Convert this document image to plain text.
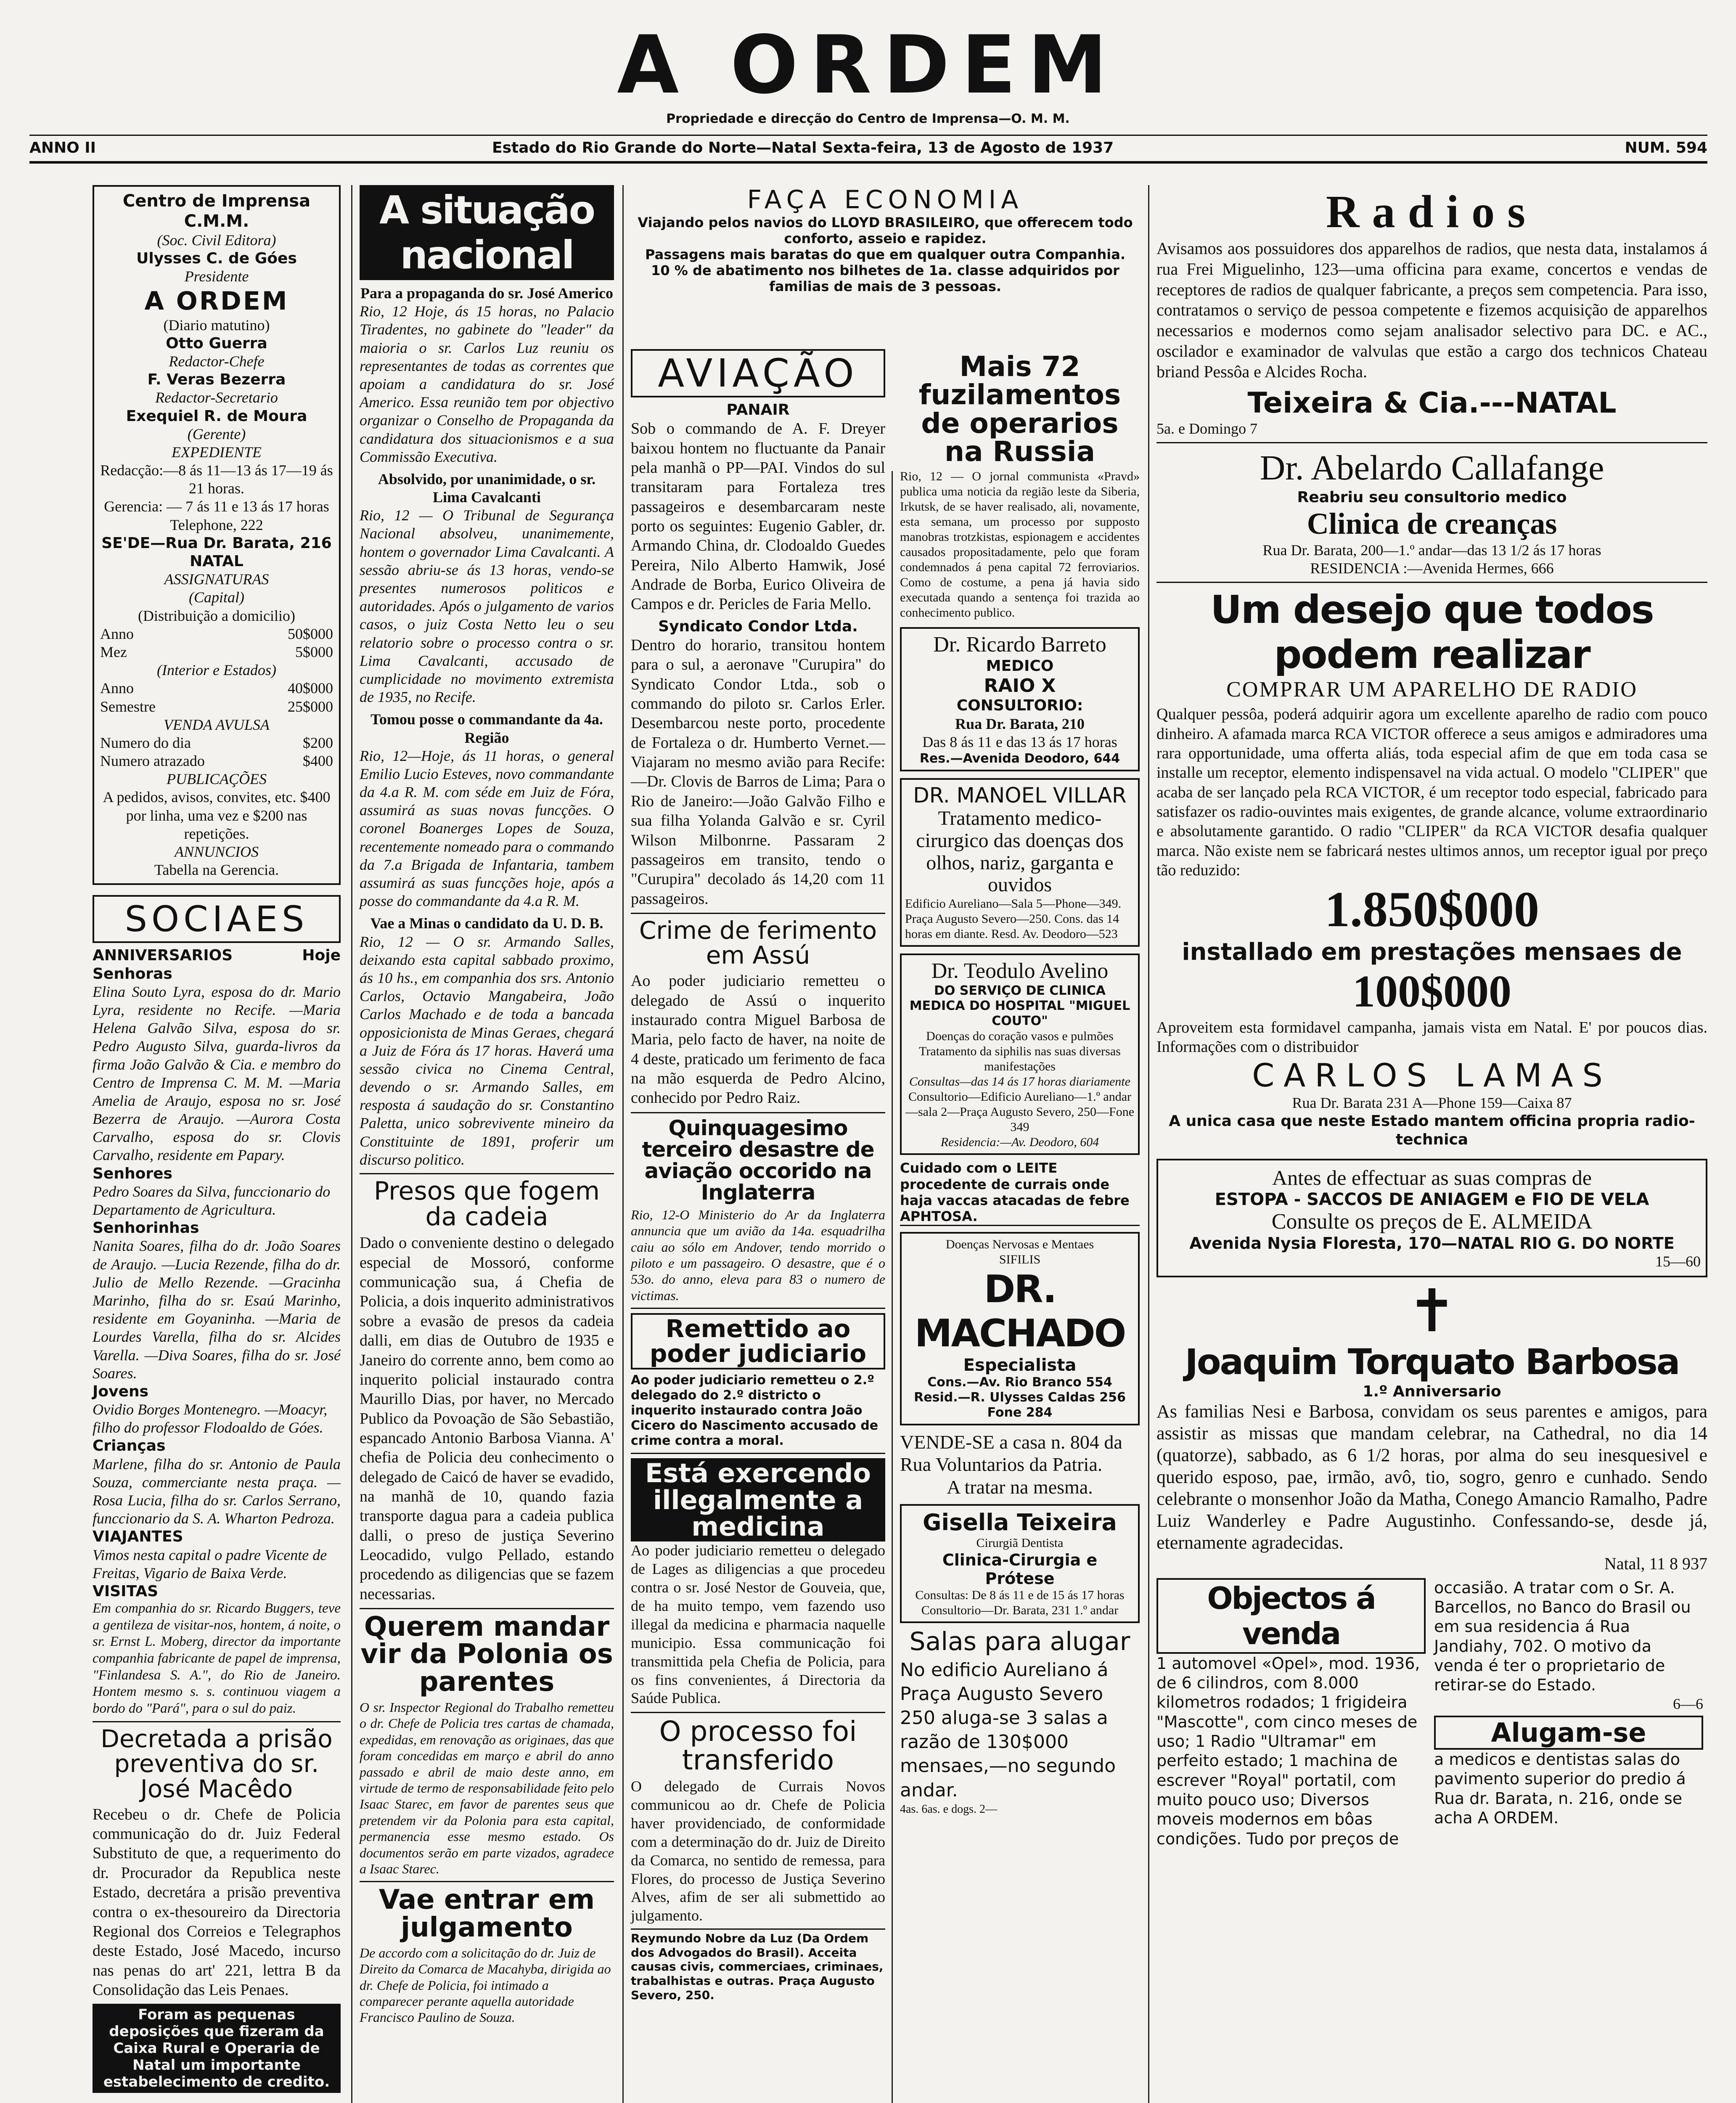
A ORDEM
Propriedade e direcção do Centro de Imprensa—O. M. M.
ANNO II	Estado do Rio Grande do Norte—Natal Sexta-feira, 13 de Agosto de 1937	NUM. 594
Centro de Imprensa C.M.M.
(Soc. Civil Editora)
Ulysses C. de Góes
Presidente
A ORDEM
(Diario matutino)
Otto Guerra
Redactor-Chefe
F. Veras Bezerra
Redactor-Secretario
Exequiel R. de Moura
(Gerente)
EXPEDIENTE
Redacção:—8 ás 11—13 ás 17—19 ás 21 horas.
Gerencia: — 7 ás 11 e 13 ás 17 horas
Telephone, 222
SE'DE—Rua Dr. Barata, 216
NATAL
ASSIGNATURAS
(Capital)
(Distribuição a domicilio)
Anno	50$000
Mez	5$000
(Interior e Estados)
Anno	40$000
Semestre	25$000
VENDA AVULSA
Numero do dia	$200
Numero atrazado	$400
PUBLICAÇÕES
A pedidos, avisos, convites, etc. $400 por linha, uma vez e $200 nas repetições.
ANNUNCIOS
Tabella na Gerencia.
SOCIAES
ANNIVERSARIOS	Hoje
Senhoras
Elina Souto Lyra, esposa do dr. Mario Lyra, residente no Recife. —Maria Helena Galvão Silva, esposa do sr. Pedro Augusto Silva, guarda-livros da firma João Galvão & Cia. e membro do Centro de Imprensa C. M. M. —Maria Amelia de Araujo, esposa no sr. José Bezerra de Araujo. —Aurora Costa Carvalho, esposa do sr. Clovis Carvalho, residente em Papary.
Senhores
Pedro Soares da Silva, funccionario do Departamento de Agricultura.
Senhorinhas
Nanita Soares, filha do dr. João Soares de Araujo. —Lucia Rezende, filha do dr. Julio de Mello Rezende. —Gracinha Marinho, filha do sr. Esaú Marinho, residente em Goyaninha. —Maria de Lourdes Varella, filha do sr. Alcides Varella. —Diva Soares, filha do sr. José Soares.
Jovens
Ovidio Borges Montenegro. —Moacyr, filho do professor Flodoaldo de Góes.
Crianças
Marlene, filha do sr. Antonio de Paula Souza, commerciante nesta praça. —Rosa Lucia, filha do sr. Carlos Serrano, funccionario da S. A. Wharton Pedroza.
VIAJANTES
Vimos nesta capital o padre Vicente de Freitas, Vigario de Baixa Verde.
VISITAS
Em companhia do sr. Ricardo Buggers, teve a gentileza de visitar-nos, hontem, á noite, o sr. Ernst L. Moberg, director da importante companhia fabricante de papel de imprensa, "Finlandesa S. A.", do Rio de Janeiro. Hontem mesmo s. s. continuou viagem a bordo do "Pará", para o sul do paiz.
Decretada a prisão preventiva do sr. José Macêdo
Recebeu o dr. Chefe de Policia communicação do dr. Juiz Federal Substituto de que, a requerimento do dr. Procurador da Republica neste Estado, decretára a prisão preventiva contra o ex-thesoureiro da Directoria Regional dos Correios e Telegraphos deste Estado, José Macedo, incurso nas penas do art' 221, lettra B da Consolidação das Leis Penaes.
Foram as pequenas deposições que fizeram da Caixa Rural e Operaria de Natal um importante estabelecimento de credito.
A situação nacional
Para a propaganda do sr. José Americo
Rio, 12 Hoje, ás 15 horas, no Palacio Tiradentes, no gabinete do "leader" da maioria o sr. Carlos Luz reuniu os representantes de todas as correntes que apoiam a candidatura do sr. José Americo. Essa reunião tem por objectivo organizar o Conselho de Propaganda da candidatura dos situacionismos e a sua Commissão Executiva.
Absolvido, por unanimidade, o sr. Lima Cavalcanti
Rio, 12 — O Tribunal de Segurança Nacional absolveu, unanimemente, hontem o governador Lima Cavalcanti. A sessão abriu-se ás 13 horas, vendo-se presentes numerosos politicos e autoridades. Após o julgamento de varios casos, o juiz Costa Netto leu o seu relatorio sobre o processo contra o sr. Lima Cavalcanti, accusado de cumplicidade no movimento extremista de 1935, no Recife.
Tomou posse o commandante da 4a. Região
Rio, 12—Hoje, ás 11 horas, o general Emilio Lucio Esteves, novo commandante da 4.a R. M. com séde em Juiz de Fóra, assumirá as suas novas funcções. O coronel Boanerges Lopes de Souza, recentemente nomeado para o commando da 7.a Brigada de Infantaria, tambem assumirá as suas funcções hoje, após a posse do commandante da 4.a R. M.
Vae a Minas o candidato da U. D. B.
Rio, 12 — O sr. Armando Salles, deixando esta capital sabbado proximo, ás 10 hs., em companhia dos srs. Antonio Carlos, Octavio Mangabeira, João Carlos Machado e de toda a bancada opposicionista de Minas Geraes, chegará a Juiz de Fóra ás 17 horas. Haverá uma sessão civica no Cinema Central, devendo o sr. Armando Salles, em resposta á saudação do sr. Constantino Paletta, unico sobrevivente mineiro da Constituinte de 1891, proferir um discurso politico.
Presos que fogem da cadeia
Dado o conveniente destino o delegado especial de Mossoró, conforme communicação sua, á Chefia de Policia, a dois inquerito administrativos sobre a evasão de presos da cadeia dalli, em dias de Outubro de 1935 e Janeiro do corrente anno, bem como ao inquerito policial instaurado contra Maurillo Dias, por haver, no Mercado Publico da Povoação de São Sebastião, espancado Antonio Barbosa Vianna. A' chefia de Policia deu conhecimento o delegado de Caicó de haver se evadido, na manhã de 10, quando fazia transporte dagua para a cadeia publica dalli, o preso de justiça Severino Leocadido, vulgo Pellado, estando procedendo as diligencias que se fazem necessarias.
Querem mandar vir da Polonia os parentes
O sr. Inspector Regional do Trabalho remetteu o dr. Chefe de Policia tres cartas de chamada, expedidas, em renovação as originaes, das que foram concedidas em março e abril do anno passado e abril de maio deste anno, em virtude de termo de responsabilidade feito pelo Isaac Starec, em favor de parentes seus que pretendem vir da Polonia para esta capital, permanencia esse mesmo estado. Os documentos serão em parte vizados, agradece a Isaac Starec.
Vae entrar em julgamento
De accordo com a solicitação do dr. Juiz de Direito da Comarca de Macahyba, dirigida ao dr. Chefe de Policia, foi intimado a comparecer perante aquella autoridade Francisco Paulino de Souza.
FAÇA ECONOMIA
Viajando pelos navios do LLOYD BRASILEIRO, que offerecem todo conforto, asseio e rapidez.
Passagens mais baratas do que em qualquer outra Companhia.
10 % de abatimento nos bilhetes de 1a. classe adquiridos por familias de mais de 3 pessoas.
AVIAÇÃO
PANAIR
Sob o commando de A. F. Dreyer baixou hontem no fluctuante da Panair pela manhã o PP—PAI. Vindos do sul transitaram para Fortaleza tres passageiros e desembarcaram neste porto os seguintes: Eugenio Gabler, dr. Armando China, dr. Clodoaldo Guedes Pereira, Nilo Alberto Hamwik, José Andrade de Borba, Eurico Oliveira de Campos e dr. Pericles de Faria Mello.
Syndicato Condor Ltda.
Dentro do horario, transitou hontem para o sul, a aeronave "Curupira" do Syndicato Condor Ltda., sob o commando do piloto sr. Carlos Erler. Desembarcou neste porto, procedente de Fortaleza o dr. Humberto Vernet.—Viajaram no mesmo avião para Recife:—Dr. Clovis de Barros de Lima; Para o Rio de Janeiro:—João Galvão Filho e sua filha Yolanda Galvão e sr. Cyril Wilson Milbonrne. Passaram 2 passageiros em transito, tendo o "Curupira" decolado ás 14,20 com 11 passageiros.
Crime de ferimento em Assú
Ao poder judiciario remetteu o delegado de Assú o inquerito instaurado contra Miguel Barbosa de Maria, pelo facto de haver, na noite de 4 deste, praticado um ferimento de faca na mão esquerda de Pedro Alcino, conhecido por Pedro Raiz.
Quinquagesimo terceiro desastre de aviação occorido na Inglaterra
Rio, 12-O Ministerio do Ar da Inglaterra annuncia que um avião da 14a. esquadrilha caiu ao sólo em Andover, tendo morrido o piloto e um passageiro. O desastre, que é o 53o. do anno, eleva para 83 o numero de victimas.
Remettido ao poder judiciario
Ao poder judiciario remetteu o 2.º delegado do 2.º districto o inquerito instaurado contra João Cicero do Nascimento accusado de crime contra a moral.
Está exercendo illegalmente a medicina
Ao poder judiciario remetteu o delegado de Lages as diligencias a que procedeu contra o sr. José Nestor de Gouveia, que, de ha muito tempo, vem fazendo uso illegal da medicina e pharmacia naquelle municipio. Essa communicação foi transmittida pela Chefia de Policia, para os fins convenientes, á Directoria da Saúde Publica.
O processo foi transferido
O delegado de Currais Novos communicou ao dr. Chefe de Policia haver providenciado, de conformidade com a determinação do dr. Juiz de Direito da Comarca, no sentido de remessa, para Flores, do processo de Justiça Severino Alves, afim de ser ali submettido ao julgamento.
Reymundo Nobre da Luz (Da Ordem dos Advogados do Brasil). Acceita causas civis, commerciaes, criminaes, trabalhistas e outras. Praça Augusto Severo, 250.
Mais 72 fuzilamentos de operarios na Russia
Rio, 12 — O jornal communista «Pravd» publica uma noticia da região leste da Siberia, Irkutsk, de se haver realisado, ali, novamente, esta semana, um processo por supposto manobras trotzkistas, espionagem e accidentes causados propositadamente, pelo que foram condemnados á pena capital 72 ferroviarios. Como de costume, a pena já havia sido executada quando a sentença foi trazida ao conhecimento publico.
Dr. Ricardo Barreto
MEDICO
RAIO X
CONSULTORIO:
Rua Dr. Barata, 210
Das 8 ás 11 e das 13 ás 17 horas
Res.—Avenida Deodoro, 644
DR. MANOEL VILLAR
Tratamento medico-cirurgico das doenças dos olhos, nariz, garganta e ouvidos
Edificio Aureliano—Sala 5—Phone—349. Praça Augusto Severo—250. Cons. das 14 horas em diante. Resd. Av. Deodoro—523
Dr. Teodulo Avelino
DO SERVIÇO DE CLINICA MEDICA DO HOSPITAL "MIGUEL COUTO"
Doenças do coração vasos e pulmões
Tratamento da siphilis nas suas diversas manifestações
Consultas—das 14 ás 17 horas diariamente
Consultorio—Edificio Aureliano—1.º andar—sala 2—Praça Augusto Severo, 250—Fone 349
Residencia:—Av. Deodoro, 604
Cuidado com o LEITE procedente de currais onde haja vaccas atacadas de febre APHTOSA.
Doenças Nervosas e Mentaes
SIFILIS
DR. MACHADO
Especialista
Cons.—Av. Rio Branco 554
Resid.—R. Ulysses Caldas 256
Fone 284
VENDE-SE a casa n. 804 da Rua Voluntarios da Patria.
A tratar na mesma.
Gisella Teixeira
Cirurgiã Dentista
Clinica-Cirurgia e Prótese
Consultas: De 8 ás 11 e de 15 ás 17 horas
Consultorio—Dr. Barata, 231 1.º andar
Salas para alugar
No edificio Aureliano á Praça Augusto Severo 250 aluga-se 3 salas a razão de 130$000 mensaes,—no segundo andar.
4as. 6as. e dogs. 2—
Radios
Avisamos aos possuidores dos apparelhos de radios, que nesta data, instalamos á rua Frei Miguelinho, 123—uma officina para exame, concertos e vendas de receptores de radios de qualquer fabricante, a preços sem competencia. Para isso, contratamos o serviço de pessoa competente e fizemos acquisição de apparelhos necessarios e modernos como sejam analisador selectivo para DC. e AC., oscilador e examinador de valvulas que estão a cargo dos technicos Chateau briand Pessôa e Alcides Rocha.
Teixeira & Cia.---NATAL
5a. e Domingo 7
Dr. Abelardo Callafange
Reabriu seu consultorio medico
Clinica de creanças
Rua Dr. Barata, 200—1.º andar—das 13 1/2 ás 17 horas
RESIDENCIA :—Avenida Hermes, 666
Um desejo que todos podem realizar
COMPRAR UM APARELHO DE RADIO
Qualquer pessôa, poderá adquirir agora um excellente aparelho de radio com pouco dinheiro. A afamada marca RCA VICTOR offerece a seus amigos e admiradores uma rara opportunidade, uma offerta aliás, toda especial afim de que em toda casa se installe um receptor, elemento indispensavel na vida actual. O modelo "CLIPER" que acaba de ser lançado pela RCA VICTOR, é um receptor todo especial, fabricado para satisfazer os radio-ouvintes mais exigentes, de grande alcance, volume extraordinario e absolutamente garantido. O radio "CLIPER" da RCA VICTOR desafia qualquer marca. Não existe nem se fabricará nestes ultimos annos, um receptor igual por preço tão reduzido:
1.850$000
installado em prestações mensaes de
100$000
Aproveitem esta formidavel campanha, jamais vista em Natal. E' por poucos dias. Informações com o distribuidor
CARLOS LAMAS
Rua Dr. Barata 231 A—Phone 159—Caixa 87
A unica casa que neste Estado mantem officina propria radio-technica
Antes de effectuar as suas compras de
ESTOPA - SACCOS DE ANIAGEM e FIO DE VELA
Consulte os preços de E. ALMEIDA
Avenida Nysia Floresta, 170—NATAL RIO G. DO NORTE
15—60
✝
Joaquim Torquato Barbosa
1.º Anniversario
As familias Nesi e Barbosa, convidam os seus parentes e amigos, para assistir as missas que mandam celebrar, na Cathedral, no dia 14 (quatorze), sabbado, as 6 1/2 horas, por alma do seu inesquesivel e querido esposo, pae, irmão, avô, tio, sogro, genro e cunhado. Sendo celebrante o monsenhor João da Matha, Conego Amancio Ramalho, Padre Luiz Wanderley e Padre Augustinho. Confessando-se, desde já, eternamente agradecidas.
Natal, 11 8 937
Objectos á venda
1 automovel «Opel», mod. 1936, de 6 cilindros, com 8.000 kilometros rodados; 1 frigideira "Mascotte", com cinco meses de uso; 1 Radio "Ultramar" em perfeito estado; 1 machina de escrever "Royal" portatil, com muito pouco uso; Diversos moveis modernos em bôas condições. Tudo por preços de
occasião. A tratar com o Sr. A. Barcellos, no Banco do Brasil ou em sua residencia á Rua Jandiahy, 702. O motivo da venda é ter o proprietario de retirar-se do Estado.
6—6
Alugam-se
a medicos e dentistas salas do pavimento superior do predio á Rua dr. Barata, n. 216, onde se acha A ORDEM.
